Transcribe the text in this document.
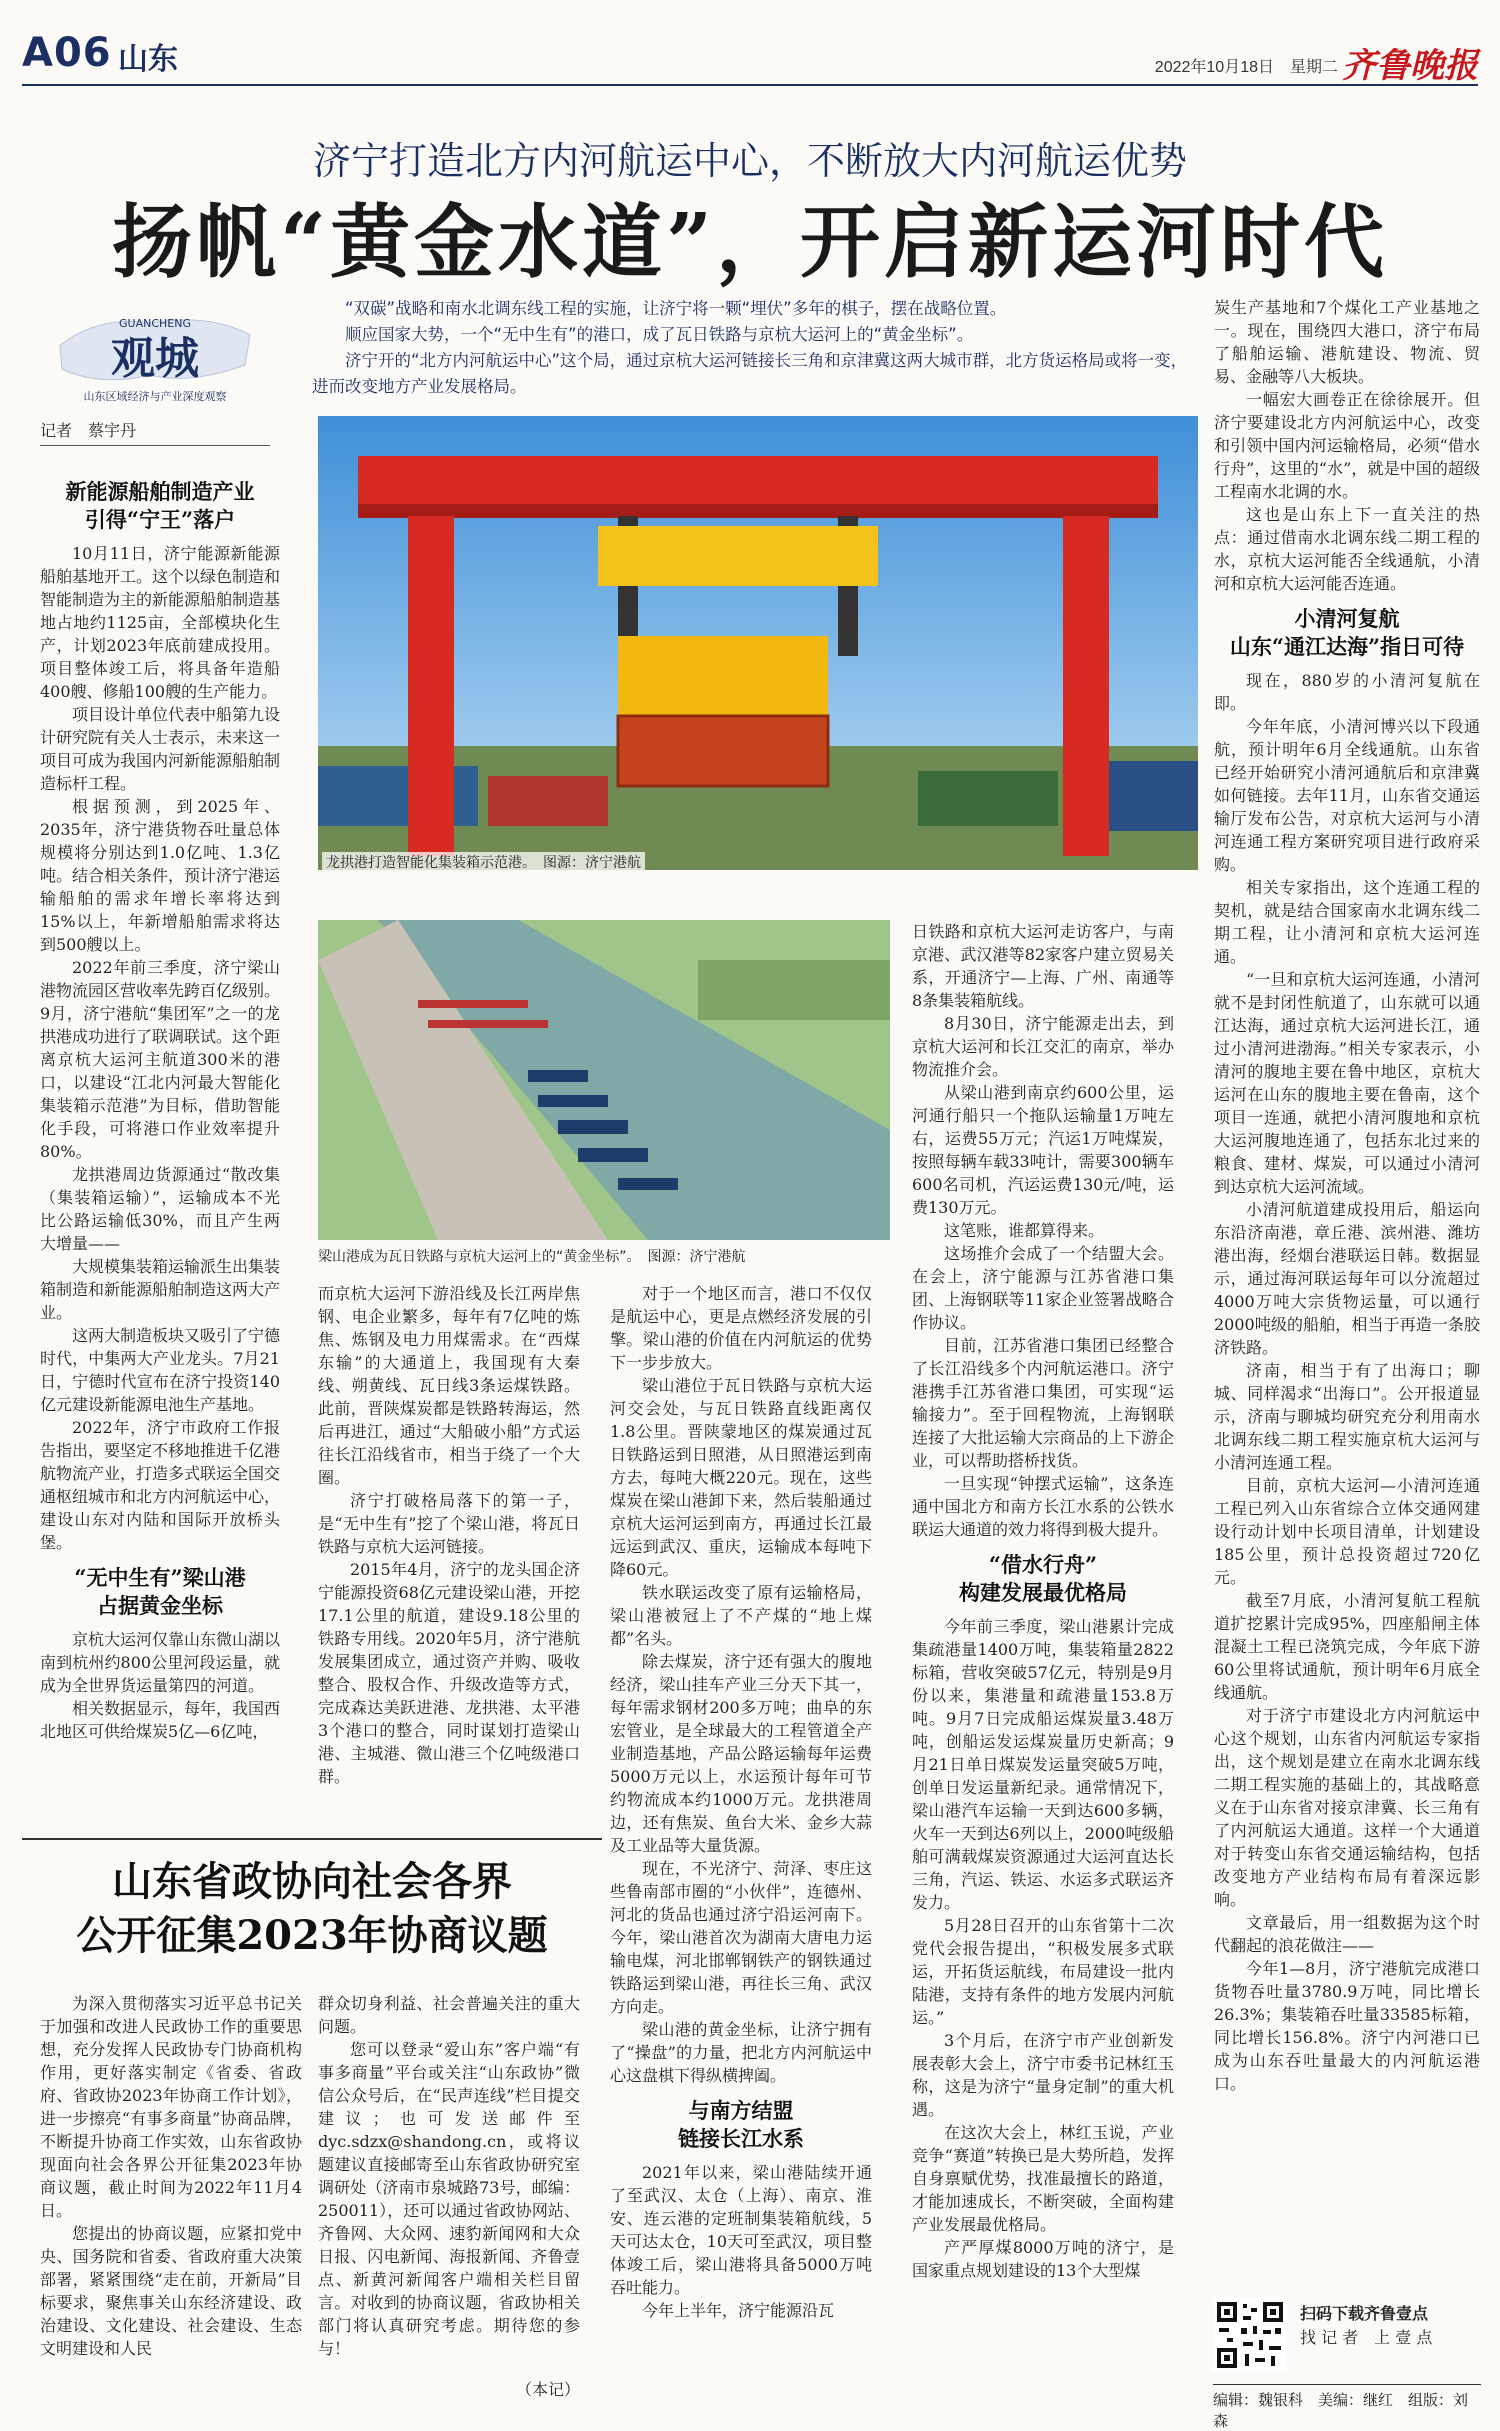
A06 山东	2022年10月18日　星期二 齐鲁晚报
济宁打造北方内河航运中心，不断放大内河航运优势
扬帆“黄金水道”，开启新运河时代
GUANCHENG
观城
山东区域经济与产业深度观察
记者　蔡宇丹

“双碳”战略和南水北调东线工程的实施，让济宁将一颗“埋伏”多年的棋子，摆在战略位置。

顺应国家大势，一个“无中生有”的港口，成了瓦日铁路与京杭大运河上的“黄金坐标”。

济宁开的“北方内河航运中心”这个局，通过京杭大运河链接长三角和京津冀这两大城市群，北方货运格局或将一变，进而改变地方产业发展格局。

龙拱港打造智能化集装箱示范港。　图源：济宁港航
梁山港成为瓦日铁路与京杭大运河上的“黄金坐标”。　图源：济宁港航
新能源船舶制造产业
引得“宁王”落户

10月11日，济宁能源新能源船舶基地开工。这个以绿色制造和智能制造为主的新能源船舶制造基地占地约1125亩，全部模块化生产，计划2023年底前建成投用。项目整体竣工后，将具备年造船400艘、修船100艘的生产能力。

项目设计单位代表中船第九设计研究院有关人士表示，未来这一项目可成为我国内河新能源船舶制造标杆工程。

根据预测，到2025年、2035年，济宁港货物吞吐量总体规模将分别达到1.0亿吨、1.3亿吨。结合相关条件，预计济宁港运输船舶的需求年增长率将达到15%以上，年新增船舶需求将达到500艘以上。

2022年前三季度，济宁梁山港物流园区营收率先跨百亿级别。9月，济宁港航“集团军”之一的龙拱港成功进行了联调联试。这个距离京杭大运河主航道300米的港口，以建设“江北内河最大智能化集装箱示范港”为目标，借助智能化手段，可将港口作业效率提升80%。

龙拱港周边货源通过“散改集（集装箱运输）”，运输成本不光比公路运输低30%，而且产生两大增量——

大规模集装箱运输派生出集装箱制造和新能源船舶制造这两大产业。

这两大制造板块又吸引了宁德时代，中集两大产业龙头。7月21日，宁德时代宣布在济宁投资140亿元建设新能源电池生产基地。

2022年，济宁市政府工作报告指出，要坚定不移地推进千亿港航物流产业，打造多式联运全国交通枢纽城市和北方内河航运中心，建设山东对内陆和国际开放桥头堡。

“无中生有”梁山港
占据黄金坐标

京杭大运河仅靠山东微山湖以南到杭州约800公里河段运量，就成为全世界货运量第四的河道。

相关数据显示，每年，我国西北地区可供给煤炭5亿—6亿吨，

而京杭大运河下游沿线及长江两岸焦钢、电企业繁多，每年有7亿吨的炼焦、炼钢及电力用煤需求。在“西煤东输”的大通道上，我国现有大秦线、朔黄线、瓦日线3条运煤铁路。此前，晋陕煤炭都是铁路转海运，然后再进江，通过“大船破小船”方式运往长江沿线省市，相当于绕了一个大圈。

济宁打破格局落下的第一子，是“无中生有”挖了个梁山港，将瓦日铁路与京杭大运河链接。

2015年4月，济宁的龙头国企济宁能源投资68亿元建设梁山港，开挖17.1公里的航道，建设9.18公里的铁路专用线。2020年5月，济宁港航发展集团成立，通过资产并购、吸收整合、股权合作、升级改造等方式，完成森达美跃进港、龙拱港、太平港3个港口的整合，同时谋划打造梁山港、主城港、微山港三个亿吨级港口群。

对于一个地区而言，港口不仅仅是航运中心，更是点燃经济发展的引擎。梁山港的价值在内河航运的优势下一步步放大。

梁山港位于瓦日铁路与京杭大运河交会处，与瓦日铁路直线距离仅1.8公里。晋陕蒙地区的煤炭通过瓦日铁路运到日照港，从日照港运到南方去，每吨大概220元。现在，这些煤炭在梁山港卸下来，然后装船通过京杭大运河运到南方，再通过长江最远运到武汉、重庆，运输成本每吨下降60元。

铁水联运改变了原有运输格局，梁山港被冠上了不产煤的“地上煤都”名头。

除去煤炭，济宁还有强大的腹地经济，梁山挂车产业三分天下其一，每年需求钢材200多万吨；曲阜的东宏管业，是全球最大的工程管道全产业制造基地，产品公路运输每年运费5000万元以上，水运预计每年可节约物流成本约1000万元。龙拱港周边，还有焦炭、鱼台大米、金乡大蒜及工业品等大量货源。

现在，不光济宁、菏泽、枣庄这些鲁南部市圈的“小伙伴”，连德州、河北的货品也通过济宁沿运河南下。今年，梁山港首次为湖南大唐电力运输电煤，河北邯郸钢铁产的钢铁通过铁路运到梁山港，再往长三角、武汉方向走。

梁山港的黄金坐标，让济宁拥有了“操盘”的力量，把北方内河航运中心这盘棋下得纵横捭阖。

与南方结盟
链接长江水系

2021年以来，梁山港陆续开通了至武汉、太仓（上海）、南京、淮安、连云港的定班制集装箱航线，5天可达太仓，10天可至武汉，项目整体竣工后，梁山港将具备5000万吨吞吐能力。

今年上半年，济宁能源沿瓦

日铁路和京杭大运河走访客户，与南京港、武汉港等82家客户建立贸易关系，开通济宁—上海、广州、南通等8条集装箱航线。

8月30日，济宁能源走出去，到京杭大运河和长江交汇的南京，举办物流推介会。

从梁山港到南京约600公里，运河通行船只一个拖队运输量1万吨左右，运费55万元；汽运1万吨煤炭，按照每辆车载33吨计，需要300辆车600名司机，汽运运费130元/吨，运费130万元。

这笔账，谁都算得来。

这场推介会成了一个结盟大会。在会上，济宁能源与江苏省港口集团、上海钢联等11家企业签署战略合作协议。

目前，江苏省港口集团已经整合了长江沿线多个内河航运港口。济宁港携手江苏省港口集团，可实现“运输接力”。至于回程物流，上海钢联连接了大批运输大宗商品的上下游企业，可以帮助搭桥找货。

一旦实现“钟摆式运输”，这条连通中国北方和南方长江水系的公铁水联运大通道的效力将得到极大提升。

“借水行舟”
构建发展最优格局

今年前三季度，梁山港累计完成集疏港量1400万吨，集装箱量2822标箱，营收突破57亿元，特别是9月份以来，集港量和疏港量153.8万吨。9月7日完成船运煤炭量3.48万吨，创船运发运煤炭量历史新高；9月21日单日煤炭发运量突破5万吨，创单日发运量新纪录。通常情况下，梁山港汽车运输一天到达600多辆，火车一天到达6列以上，2000吨级船舶可满载煤炭资源通过大运河直达长三角，汽运、铁运、水运多式联运齐发力。

5月28日召开的山东省第十二次党代会报告提出，“积极发展多式联运，开拓货运航线，布局建设一批内陆港，支持有条件的地方发展内河航运。”

3个月后，在济宁市产业创新发展表彰大会上，济宁市委书记林红玉称，这是为济宁“量身定制”的重大机遇。

在这次大会上，林红玉说，产业竞争“赛道”转换已是大势所趋，发挥自身禀赋优势，找准最擅长的路道，才能加速成长，不断突破，全面构建产业发展最优格局。

产严厚煤8000万吨的济宁，是国家重点规划建设的13个大型煤

炭生产基地和7个煤化工产业基地之一。现在，围绕四大港口，济宁布局了船舶运输、港航建设、物流、贸易、金融等八大板块。

一幅宏大画卷正在徐徐展开。但济宁要建设北方内河航运中心，改变和引领中国内河运输格局，必须“借水行舟”，这里的“水”，就是中国的超级工程南水北调的水。

这也是山东上下一直关注的热点：通过借南水北调东线二期工程的水，京杭大运河能否全线通航，小清河和京杭大运河能否连通。

小清河复航
山东“通江达海”指日可待

现在，880岁的小清河复航在即。

今年年底，小清河博兴以下段通航，预计明年6月全线通航。山东省已经开始研究小清河通航后和京津冀如何链接。去年11月，山东省交通运输厅发布公告，对京杭大运河与小清河连通工程方案研究项目进行政府采购。

相关专家指出，这个连通工程的契机，就是结合国家南水北调东线二期工程，让小清河和京杭大运河连通。

“一旦和京杭大运河连通，小清河就不是封闭性航道了，山东就可以通江达海，通过京杭大运河进长江，通过小清河进渤海。”相关专家表示，小清河的腹地主要在鲁中地区，京杭大运河在山东的腹地主要在鲁南，这个项目一连通，就把小清河腹地和京杭大运河腹地连通了，包括东北过来的粮食、建材、煤炭，可以通过小清河到达京杭大运河流域。

小清河航道建成投用后，船运向东沿济南港，章丘港、滨州港、潍坊港出海，经烟台港联运日韩。数据显示，通过海河联运每年可以分流超过4000万吨大宗货物运量，可以通行2000吨级的船舶，相当于再造一条胶济铁路。

济南，相当于有了出海口；聊城、同样渴求“出海口”。公开报道显示，济南与聊城均研究充分利用南水北调东线二期工程实施京杭大运河与小清河连通工程。

目前，京杭大运河—小清河连通工程已列入山东省综合立体交通网建设行动计划中长项目清单，计划建设185公里，预计总投资超过720亿元。

截至7月底，小清河复航工程航道扩挖累计完成95%，四座船闸主体混凝土工程已浇筑完成，今年底下游60公里将试通航，预计明年6月底全线通航。

对于济宁市建设北方内河航运中心这个规划，山东省内河航运专家指出，这个规划是建立在南水北调东线二期工程实施的基础上的，其战略意义在于山东省对接京津冀、长三角有了内河航运大通道。这样一个大通道对于转变山东省交通运输结构，包括改变地方产业结构布局有着深远影响。

文章最后，用一组数据为这个时代翻起的浪花做注——

今年1—8月，济宁港航完成港口货物吞吐量3780.9万吨，同比增长26.3%；集装箱吞吐量33585标箱，同比增长156.8%。济宁内河港口已成为山东吞吐量最大的内河航运港口。

山东省政协向社会各界
公开征集2023年协商议题

为深入贯彻落实习近平总书记关于加强和改进人民政协工作的重要思想，充分发挥人民政协专门协商机构作用，更好落实制定《省委、省政府、省政协2023年协商工作计划》，进一步擦亮“有事多商量”协商品牌，不断提升协商工作实效，山东省政协现面向社会各界公开征集2023年协商议题，截止时间为2022年11月4日。

您提出的协商议题，应紧扣党中央、国务院和省委、省政府重大决策部署，紧紧围绕“走在前，开新局”目标要求，聚焦事关山东经济建设、政治建设、文化建设、社会建设、生态文明建设和人民

群众切身利益、社会普遍关注的重大问题。

您可以登录“爱山东”客户端“有事多商量”平台或关注“山东政协”微信公众号后，在“民声连线”栏目提交建议；也可发送邮件至dyc.sdzx@shandong.cn，或将议题建议直接邮寄至山东省政协研究室调研处（济南市泉城路73号，邮编：250011），还可以通过省政协网站、齐鲁网、大众网、速豹新闻网和大众日报、闪电新闻、海报新闻、齐鲁壹点、新黄河新闻客户端相关栏目留言。对收到的协商议题，省政协相关部门将认真研究考虑。期待您的参与！

（本记）
扫码下载齐鲁壹点
找 记 者　上 壹 点
编辑：魏银科　美编：继红　组版：刘森
